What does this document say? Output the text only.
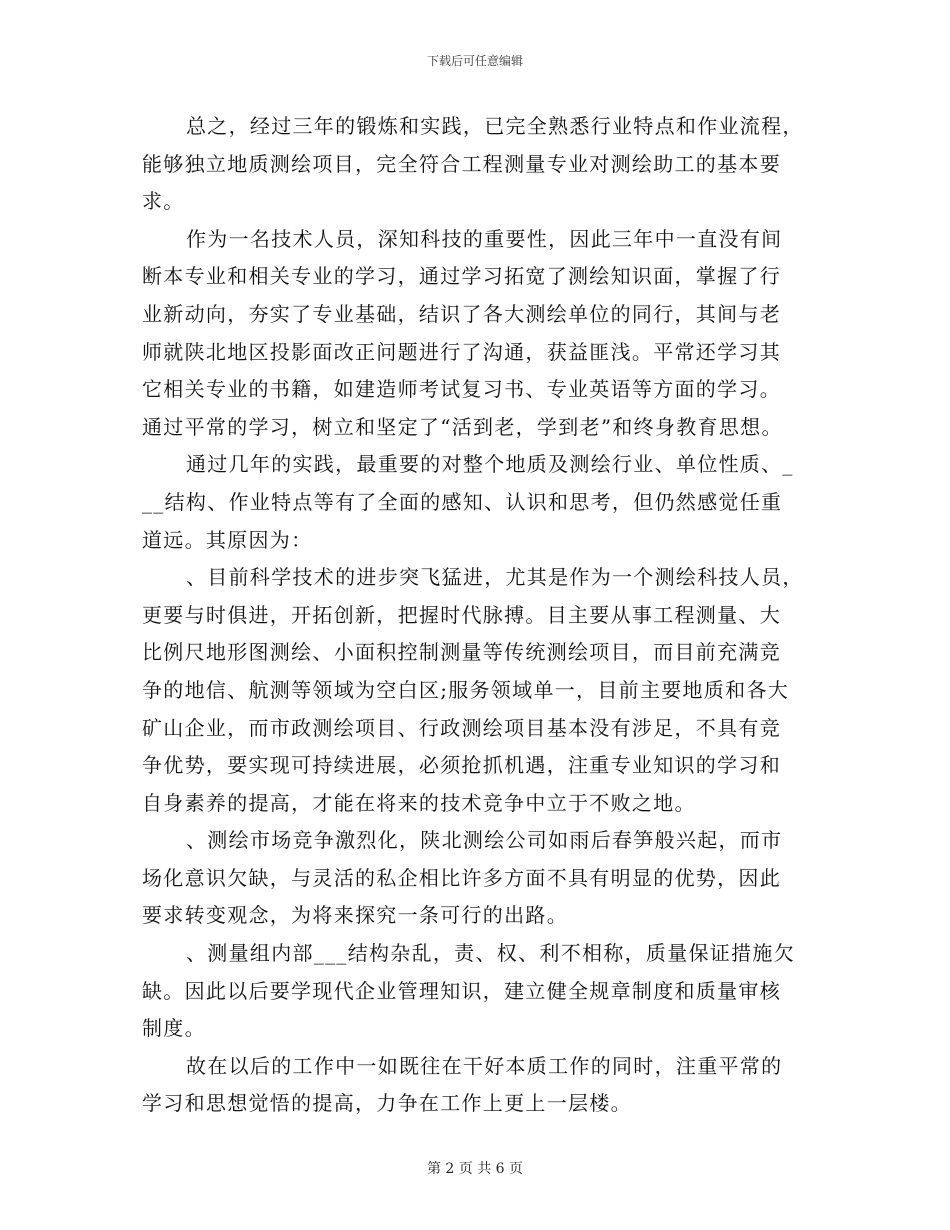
下载后可任意编辑
总之，经过三年的锻炼和实践，已完全熟悉行业特点和作业流程，
能够独立地质测绘项目，完全符合工程测量专业对测绘助工的基本要
求。
作为一名技术人员，深知科技的重要性，因此三年中一直没有间
断本专业和相关专业的学习，通过学习拓宽了测绘知识面，掌握了行
业新动向，夯实了专业基础，结识了各大测绘单位的同行，其间与老
师就陕北地区投影面改正问题进行了沟通，获益匪浅。平常还学习其
它相关专业的书籍，如建造师考试复习书、专业英语等方面的学习。
通过平常的学习，树立和坚定了“活到老，学到老”和终身教育思想。
通过几年的实践，最重要的对整个地质及测绘行业、单位性质、_
__结构、作业特点等有了全面的感知、认识和思考，但仍然感觉任重
道远。其原因为：
、目前科学技术的进步突飞猛进，尤其是作为一个测绘科技人员，
更要与时俱进，开拓创新，把握时代脉搏。目主要从事工程测量、大
比例尺地形图测绘、小面积控制测量等传统测绘项目，而目前充满竞
争的地信、航测等领域为空白区;服务领域单一，目前主要地质和各大
矿山企业，而市政测绘项目、行政测绘项目基本没有涉足，不具有竞
争优势，要实现可持续进展，必须抢抓机遇，注重专业知识的学习和
自身素养的提高，才能在将来的技术竞争中立于不败之地。
、测绘市场竞争激烈化，陕北测绘公司如雨后春笋般兴起，而市
场化意识欠缺，与灵活的私企相比许多方面不具有明显的优势，因此
要求转变观念，为将来探究一条可行的出路。
、测量组内部___结构杂乱，责、权、利不相称，质量保证措施欠
缺。因此以后要学现代企业管理知识，建立健全规章制度和质量审核
制度。
故在以后的工作中一如既往在干好本质工作的同时，注重平常的
学习和思想觉悟的提高，力争在工作上更上一层楼。
第 2 页 共 6 页
